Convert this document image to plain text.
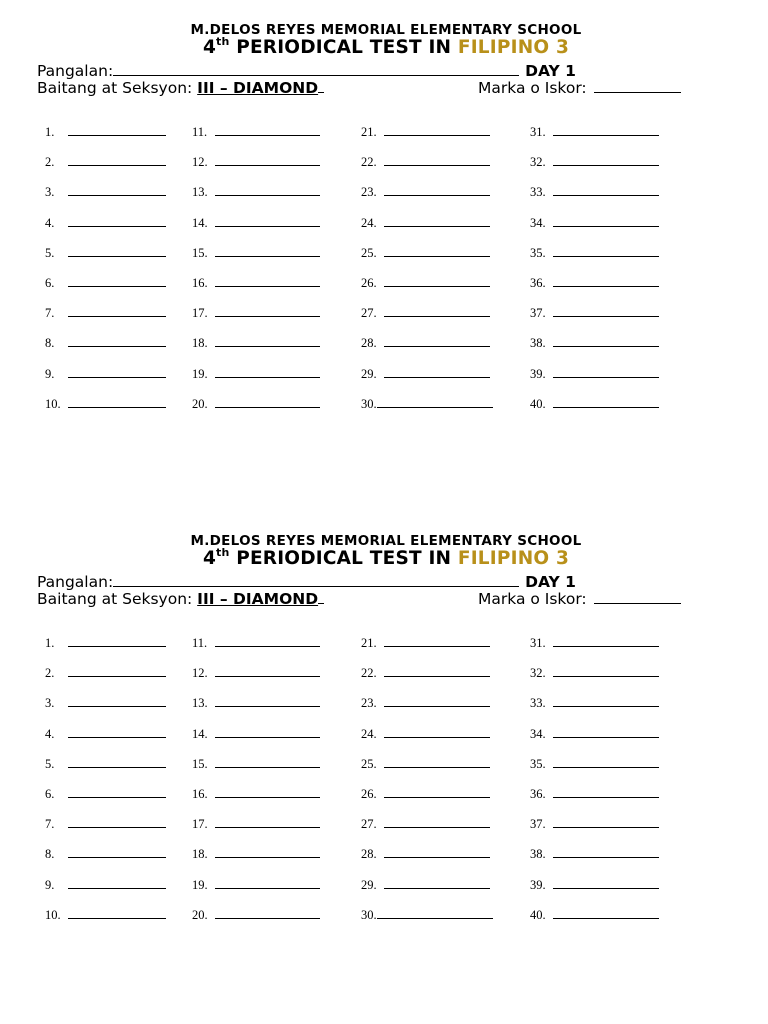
M.DELOS REYES MEMORIAL ELEMENTARY SCHOOL
4th PERIODICAL TEST IN FILIPINO 3
Pangalan:	DAY 1
Baitang at Seksyon: III – DIAMOND	Marka o Iskor:
1.
2.
3.
4.
5.
6.
7.
8.
9.
10.
11.
12.
13.
14.
15.
16.
17.
18.
19.
20.
21.
22.
23.
24.
25.
26.
27.
28.
29.
30.
31.
32.
33.
34.
35.
36.
37.
38.
39.
40.
M.DELOS REYES MEMORIAL ELEMENTARY SCHOOL
4th PERIODICAL TEST IN FILIPINO 3
Pangalan:	DAY 1
Baitang at Seksyon: III – DIAMOND	Marka o Iskor:
1.
2.
3.
4.
5.
6.
7.
8.
9.
10.
11.
12.
13.
14.
15.
16.
17.
18.
19.
20.
21.
22.
23.
24.
25.
26.
27.
28.
29.
30.
31.
32.
33.
34.
35.
36.
37.
38.
39.
40.
